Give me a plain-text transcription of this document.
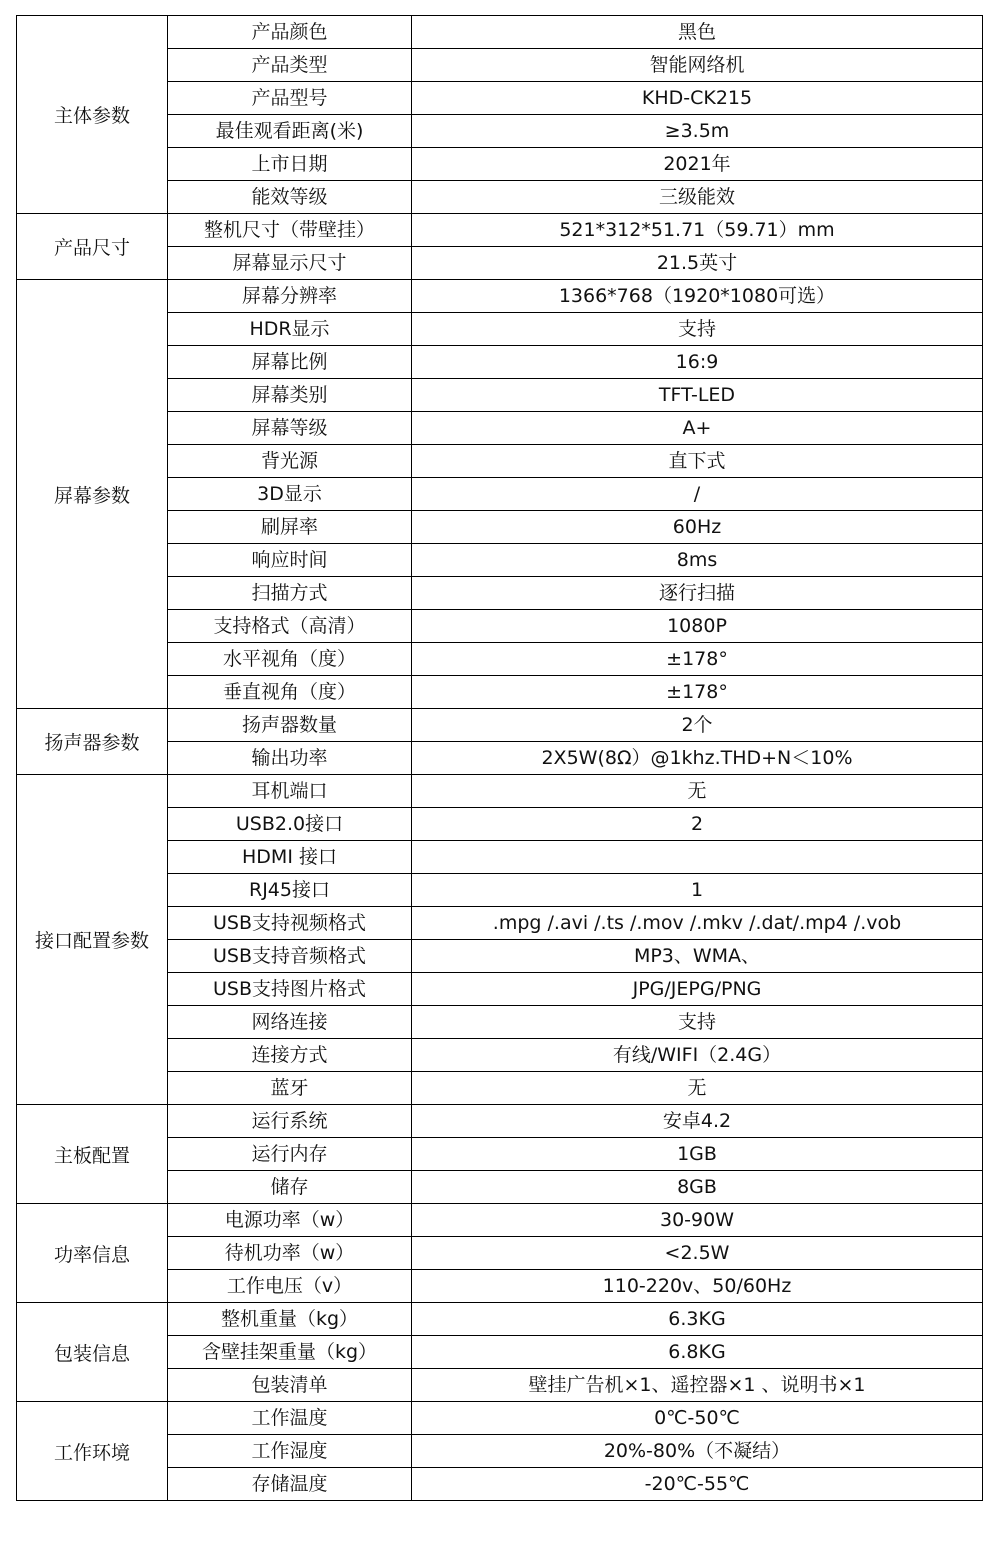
主体参数	产品颜色	黑色
	产品类型	智能网络机
	产品型号	KHD-CK215
	最佳观看距离(米)	≥3.5m
	上市日期	2021年
	能效等级	三级能效
产品尺寸	整机尺寸（带壁挂）	521*312*51.71（59.71）mm
	屏幕显示尺寸	21.5英寸
屏幕参数	屏幕分辨率	1366*768（1920*1080可选）
	HDR显示	支持
	屏幕比例	16:9
	屏幕类别	TFT-LED
	屏幕等级	A+
	背光源	直下式
	3D显示	/
	刷屏率	60Hz
	响应时间	8ms
	扫描方式	逐行扫描
	支持格式（高清）	1080P
	水平视角（度）	±178°
	垂直视角（度）	±178°
扬声器参数	扬声器数量	2个
	输出功率	2X5W(8Ω）@1khz.THD+N＜10%
接口配置参数	耳机端口	无
	USB2.0接口	2
	HDMI 接口	
	RJ45接口	1
	USB支持视频格式	.mpg /.avi /.ts /.mov /.mkv /.dat/.mp4 /.vob
	USB支持音频格式	MP3、WMA、
	USB支持图片格式	JPG/JEPG/PNG
	网络连接	支持
	连接方式	有线/WIFI（2.4G）
	蓝牙	无
主板配置	运行系统	安卓4.2
	运行内存	1GB
	储存	8GB
功率信息	电源功率（w）	30-90W
	待机功率（w）	<2.5W
	工作电压（v）	110-220v、50/60Hz
包装信息	整机重量（kg）	6.3KG
	含壁挂架重量（kg）	6.8KG
	包装清单	壁挂广告机×1、遥控器×1 、说明书×1
工作环境	工作温度	0℃-50℃
	工作湿度	20%-80%（不凝结）
	存储温度	-20℃-55℃
